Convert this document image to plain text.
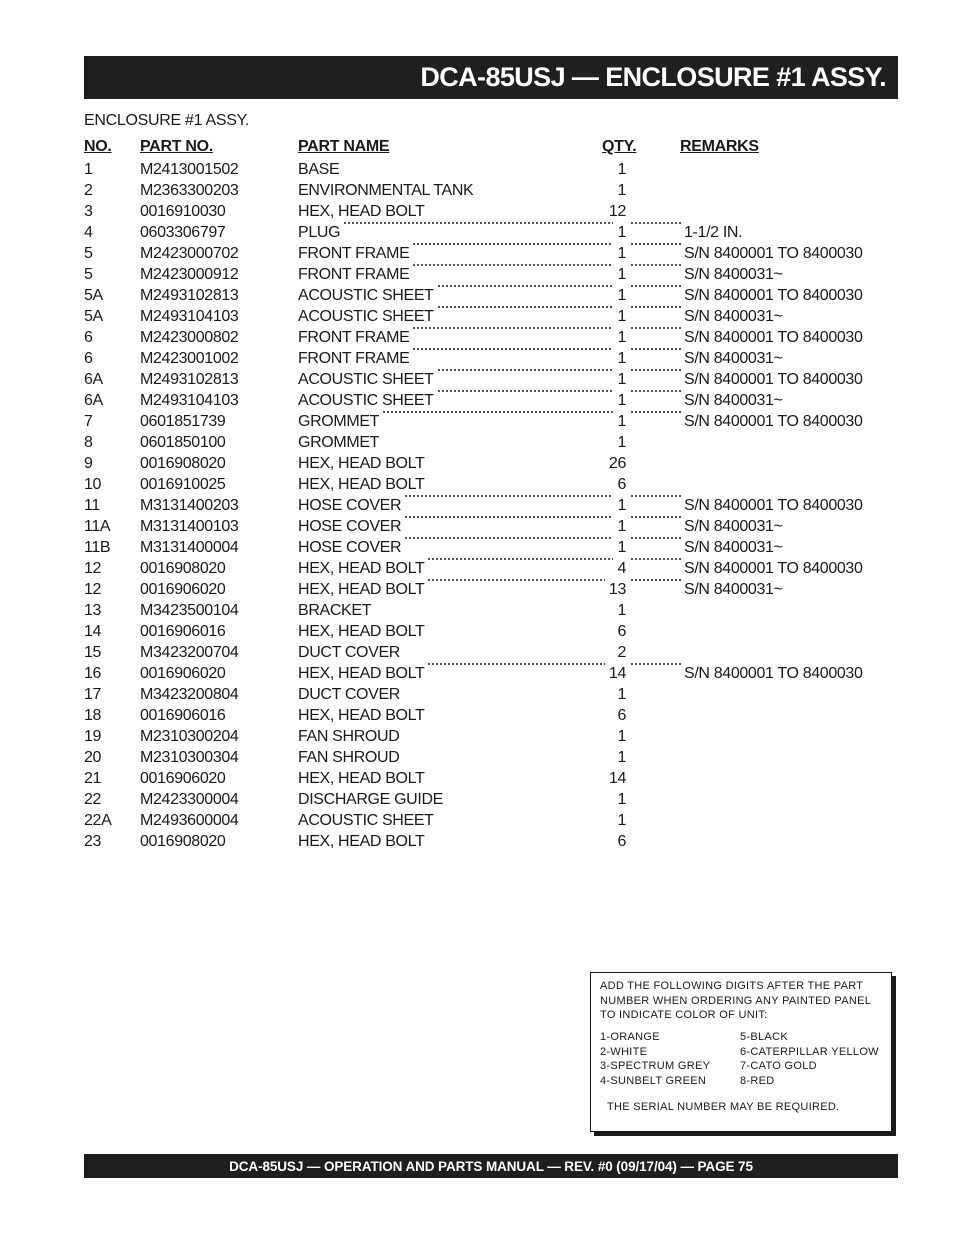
DCA-85USJ — ENCLOSURE #1 ASSY.
ENCLOSURE #1 ASSY.
NO. PART NO.	PART NAME	QTY.	REMARKS
1	M2413001502	BASE	1
2	M2363300203	ENVIRONMENTAL TANK	1
3	0016910030	HEX, HEAD BOLT	12
4	0603306797	PLUG	1	1-1/2 IN.
5	M2423000702	FRONT FRAME	1	S/N 8400001 TO 8400030
5	M2423000912	FRONT FRAME	1	S/N 8400031~
5A M2493102813	ACOUSTIC SHEET	1	S/N 8400001 TO 8400030
5A M2493104103	ACOUSTIC SHEET	1	S/N 8400031~
6	M2423000802	FRONT FRAME	1	S/N 8400001 TO 8400030
6	M2423001002	FRONT FRAME	1	S/N 8400031~
6A M2493102813	ACOUSTIC SHEET	1	S/N 8400001 TO 8400030
6A M2493104103	ACOUSTIC SHEET	1	S/N 8400031~
7	0601851739	GROMMET	1	S/N 8400001 TO 8400030
8	0601850100	GROMMET	1
9	0016908020	HEX, HEAD BOLT	26
10 0016910025	HEX, HEAD BOLT	6
11	M3131400203	HOSE COVER	1	S/N 8400001 TO 8400030
11A M3131400103	HOSE COVER	1	S/N 8400031~
11B M3131400004	HOSE COVER	1	S/N 8400031~
12 0016908020	HEX, HEAD BOLT	4	S/N 8400001 TO 8400030
12 0016906020	HEX, HEAD BOLT	13	S/N 8400031~
13 M3423500104	BRACKET	1
14 0016906016	HEX, HEAD BOLT	6
15 M3423200704	DUCT COVER	2
16 0016906020	HEX, HEAD BOLT	14	S/N 8400001 TO 8400030
17 M3423200804	DUCT COVER	1
18 0016906016	HEX, HEAD BOLT	6
19 M2310300204	FAN SHROUD	1
20 M2310300304	FAN SHROUD	1
21 0016906020	HEX, HEAD BOLT	14
22 M2423300004	DISCHARGE GUIDE	1
22A M2493600004	ACOUSTIC SHEET	1
23 0016908020	HEX, HEAD BOLT	6
ADD THE FOLLOWING DIGITS AFTER THE PART NUMBER WHEN ORDERING ANY PAINTED PANEL TO INDICATE COLOR OF UNIT:
1-ORANGE
2-WHITE
3-SPECTRUM GREY
4-SUNBELT GREEN
5-BLACK
6-CATERPILLAR YELLOW
7-CATO GOLD
8-RED
THE SERIAL NUMBER MAY BE REQUIRED.
DCA-85USJ — OPERATION AND PARTS MANUAL — REV. #0 (09/17/04) — PAGE 75
